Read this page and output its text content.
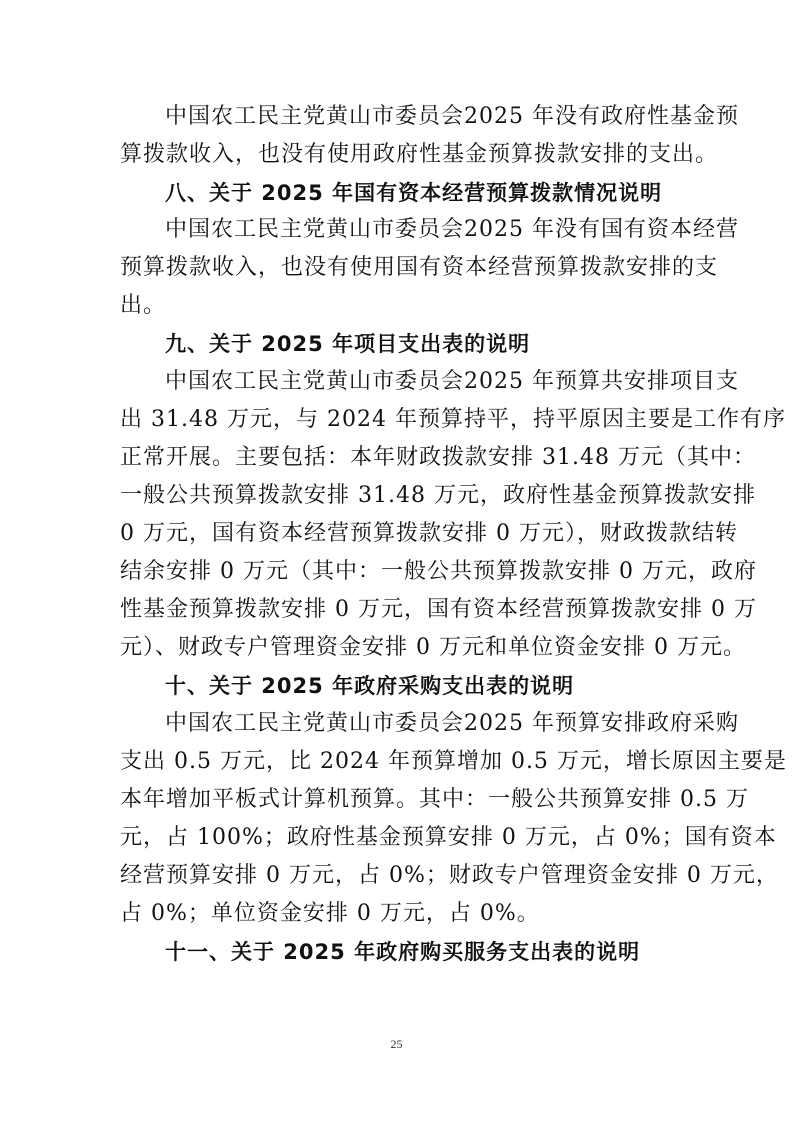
中国农工民主党黄山市委员会2025 年没有政府性基金预
算拨款收入，也没有使用政府性基金预算拨款安排的支出。
八、关于 2025 年国有资本经营预算拨款情况说明
中国农工民主党黄山市委员会2025 年没有国有资本经营
预算拨款收入，也没有使用国有资本经营预算拨款安排的支
出。
九、关于 2025 年项目支出表的说明
中国农工民主党黄山市委员会2025 年预算共安排项目支
出 31.48 万元，与 2024 年预算持平，持平原因主要是工作有序
正常开展。主要包括：本年财政拨款安排 31.48 万元（其中：
一般公共预算拨款安排 31.48 万元，政府性基金预算拨款安排
0 万元，国有资本经营预算拨款安排 0 万元），财政拨款结转
结余安排 0 万元（其中：一般公共预算拨款安排 0 万元，政府
性基金预算拨款安排 0 万元，国有资本经营预算拨款安排 0 万
元）、财政专户管理资金安排 0 万元和单位资金安排 0 万元。
十、关于 2025 年政府采购支出表的说明
中国农工民主党黄山市委员会2025 年预算安排政府采购
支出 0.5 万元，比 2024 年预算增加 0.5 万元，增长原因主要是
本年增加平板式计算机预算。其中：一般公共预算安排 0.5 万
元，占 100%；政府性基金预算安排 0 万元，占 0%；国有资本
经营预算安排 0 万元，占 0%；财政专户管理资金安排 0 万元，
占 0%；单位资金安排 0 万元，占 0%。
十一、关于 2025 年政府购买服务支出表的说明
25
